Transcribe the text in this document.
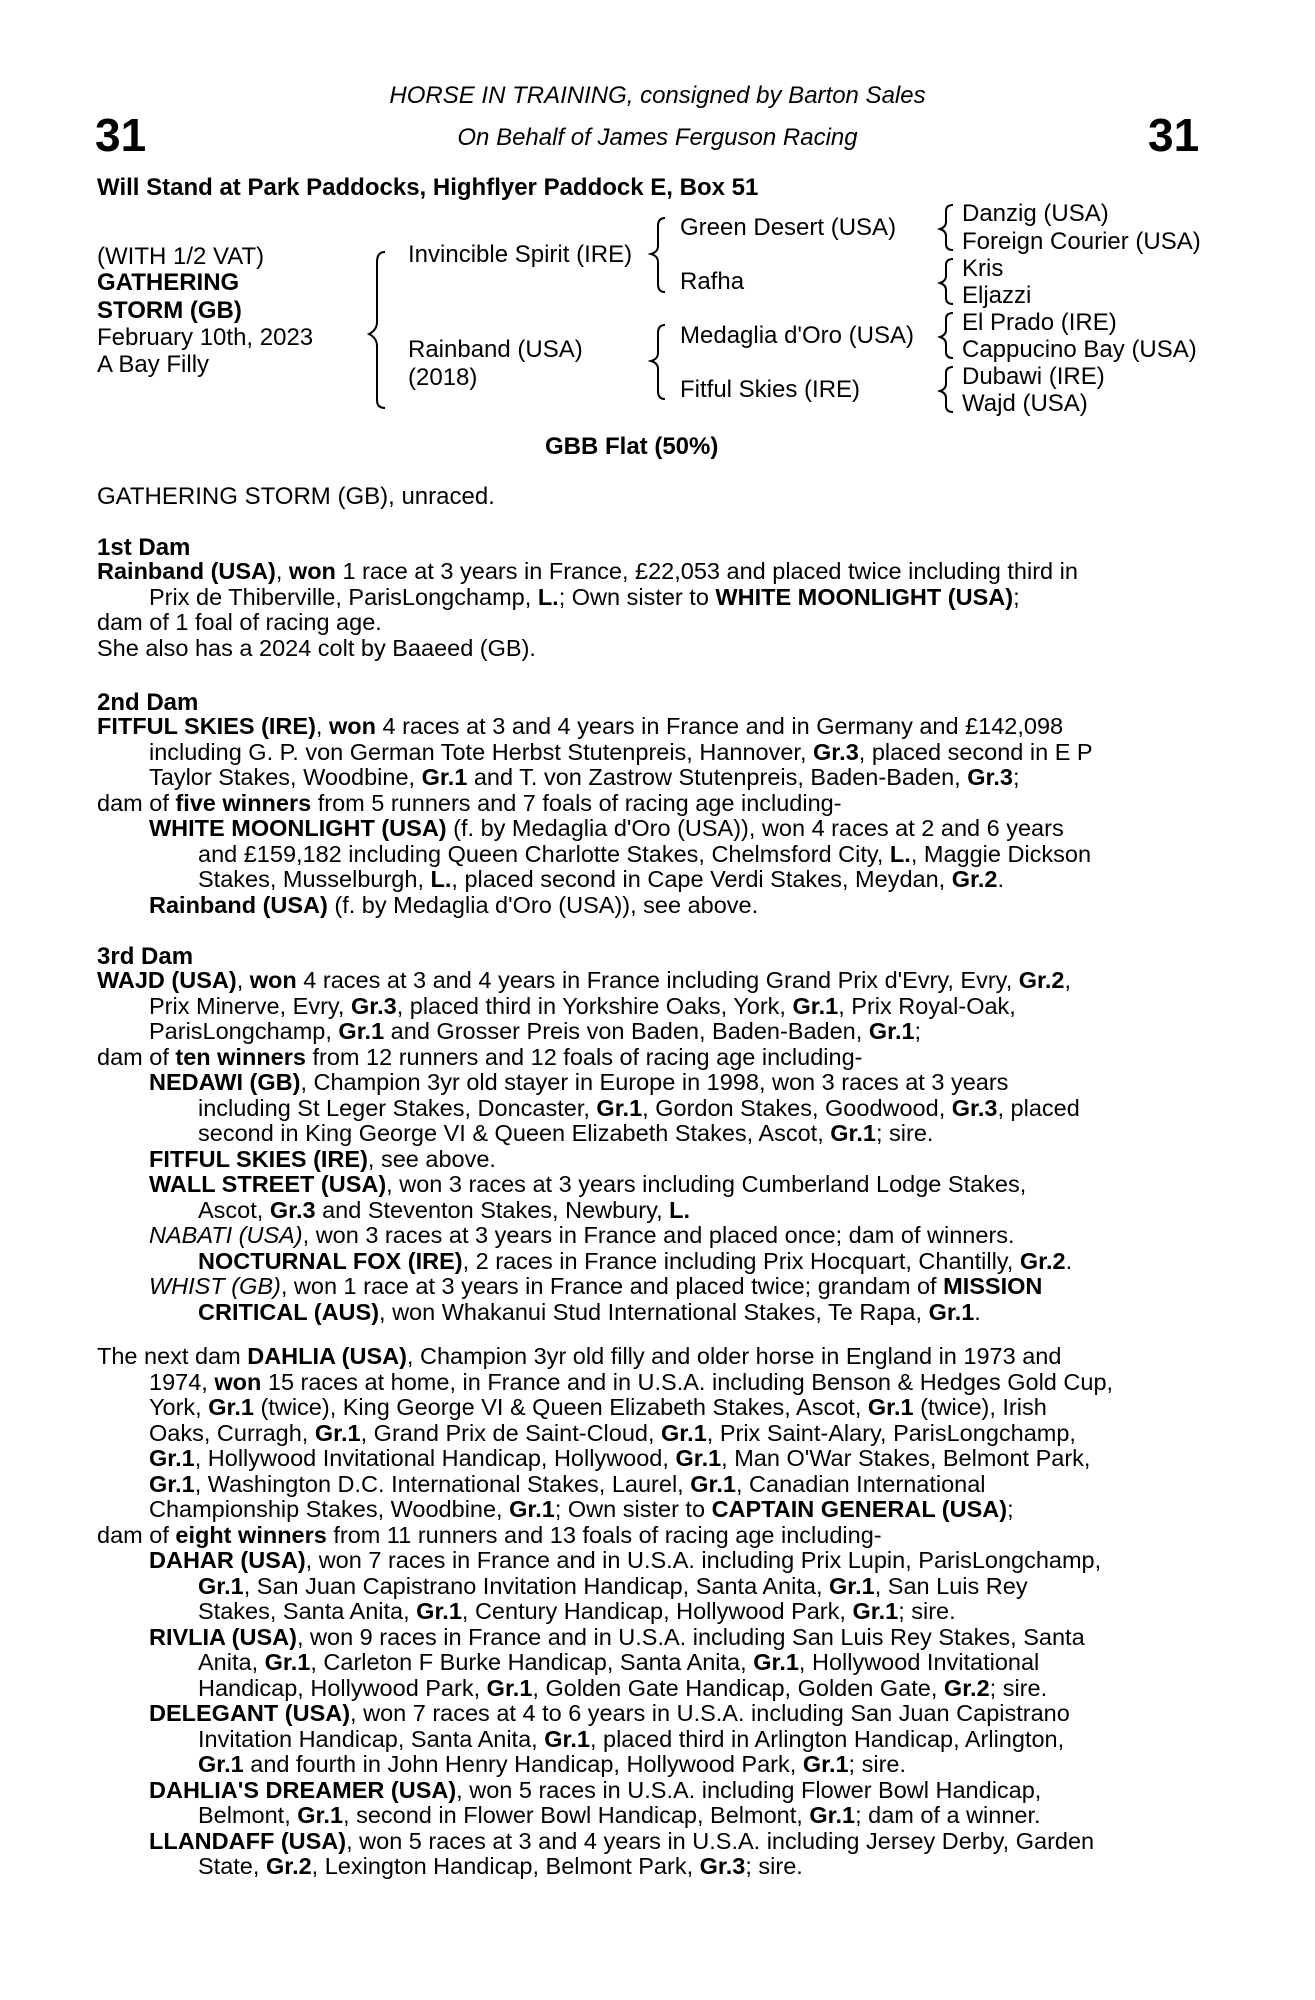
31	31
HORSE IN TRAINING, consigned by Barton Sales
On Behalf of James Ferguson Racing
Will Stand at Park Paddocks, Highflyer Paddock E, Box 51
(WITH 1/2 VAT)
GATHERING
STORM (GB)
February 10th, 2023
A Bay Filly
Invincible Spirit (IRE)
Rainband (USA)
(2018)
Green Desert (USA)
Rafha
Medaglia d'Oro (USA)
Fitful Skies (IRE)
Danzig (USA)
Foreign Courier (USA)
Kris
Eljazzi
El Prado (IRE)
Cappucino Bay (USA)
Dubawi (IRE)
Wajd (USA)
GBB Flat (50%)
GATHERING STORM (GB), unraced.
1st Dam
Rainband (USA), won 1 race at 3 years in France, £22,053 and placed twice including third in
Prix de Thiberville, ParisLongchamp, L.; Own sister to WHITE MOONLIGHT (USA);
dam of 1 foal of racing age.
She also has a 2024 colt by Baaeed (GB).
2nd Dam
FITFUL SKIES (IRE), won 4 races at 3 and 4 years in France and in Germany and £142,098
including G. P. von German Tote Herbst Stutenpreis, Hannover, Gr.3, placed second in E P
Taylor Stakes, Woodbine, Gr.1 and T. von Zastrow Stutenpreis, Baden-Baden, Gr.3;
dam of five winners from 5 runners and 7 foals of racing age including-
WHITE MOONLIGHT (USA) (f. by Medaglia d'Oro (USA)), won 4 races at 2 and 6 years
and £159,182 including Queen Charlotte Stakes, Chelmsford City, L., Maggie Dickson
Stakes, Musselburgh, L., placed second in Cape Verdi Stakes, Meydan, Gr.2.
Rainband (USA) (f. by Medaglia d'Oro (USA)), see above.
3rd Dam
WAJD (USA), won 4 races at 3 and 4 years in France including Grand Prix d'Evry, Evry, Gr.2,
Prix Minerve, Evry, Gr.3, placed third in Yorkshire Oaks, York, Gr.1, Prix Royal-Oak,
ParisLongchamp, Gr.1 and Grosser Preis von Baden, Baden-Baden, Gr.1;
dam of ten winners from 12 runners and 12 foals of racing age including-
NEDAWI (GB), Champion 3yr old stayer in Europe in 1998, won 3 races at 3 years
including St Leger Stakes, Doncaster, Gr.1, Gordon Stakes, Goodwood, Gr.3, placed
second in King George VI & Queen Elizabeth Stakes, Ascot, Gr.1; sire.
FITFUL SKIES (IRE), see above.
WALL STREET (USA), won 3 races at 3 years including Cumberland Lodge Stakes,
Ascot, Gr.3 and Steventon Stakes, Newbury, L.
NABATI (USA), won 3 races at 3 years in France and placed once; dam of winners.
NOCTURNAL FOX (IRE), 2 races in France including Prix Hocquart, Chantilly, Gr.2.
WHIST (GB), won 1 race at 3 years in France and placed twice; grandam of MISSION
CRITICAL (AUS), won Whakanui Stud International Stakes, Te Rapa, Gr.1.
The next dam DAHLIA (USA), Champion 3yr old filly and older horse in England in 1973 and
1974, won 15 races at home, in France and in U.S.A. including Benson & Hedges Gold Cup,
York, Gr.1 (twice), King George VI & Queen Elizabeth Stakes, Ascot, Gr.1 (twice), Irish
Oaks, Curragh, Gr.1, Grand Prix de Saint-Cloud, Gr.1, Prix Saint-Alary, ParisLongchamp,
Gr.1, Hollywood Invitational Handicap, Hollywood, Gr.1, Man O'War Stakes, Belmont Park,
Gr.1, Washington D.C. International Stakes, Laurel, Gr.1, Canadian International
Championship Stakes, Woodbine, Gr.1; Own sister to CAPTAIN GENERAL (USA);
dam of eight winners from 11 runners and 13 foals of racing age including-
DAHAR (USA), won 7 races in France and in U.S.A. including Prix Lupin, ParisLongchamp,
Gr.1, San Juan Capistrano Invitation Handicap, Santa Anita, Gr.1, San Luis Rey
Stakes, Santa Anita, Gr.1, Century Handicap, Hollywood Park, Gr.1; sire.
RIVLIA (USA), won 9 races in France and in U.S.A. including San Luis Rey Stakes, Santa
Anita, Gr.1, Carleton F Burke Handicap, Santa Anita, Gr.1, Hollywood Invitational
Handicap, Hollywood Park, Gr.1, Golden Gate Handicap, Golden Gate, Gr.2; sire.
DELEGANT (USA), won 7 races at 4 to 6 years in U.S.A. including San Juan Capistrano
Invitation Handicap, Santa Anita, Gr.1, placed third in Arlington Handicap, Arlington,
Gr.1 and fourth in John Henry Handicap, Hollywood Park, Gr.1; sire.
DAHLIA'S DREAMER (USA), won 5 races in U.S.A. including Flower Bowl Handicap,
Belmont, Gr.1, second in Flower Bowl Handicap, Belmont, Gr.1; dam of a winner.
LLANDAFF (USA), won 5 races at 3 and 4 years in U.S.A. including Jersey Derby, Garden
State, Gr.2, Lexington Handicap, Belmont Park, Gr.3; sire.
